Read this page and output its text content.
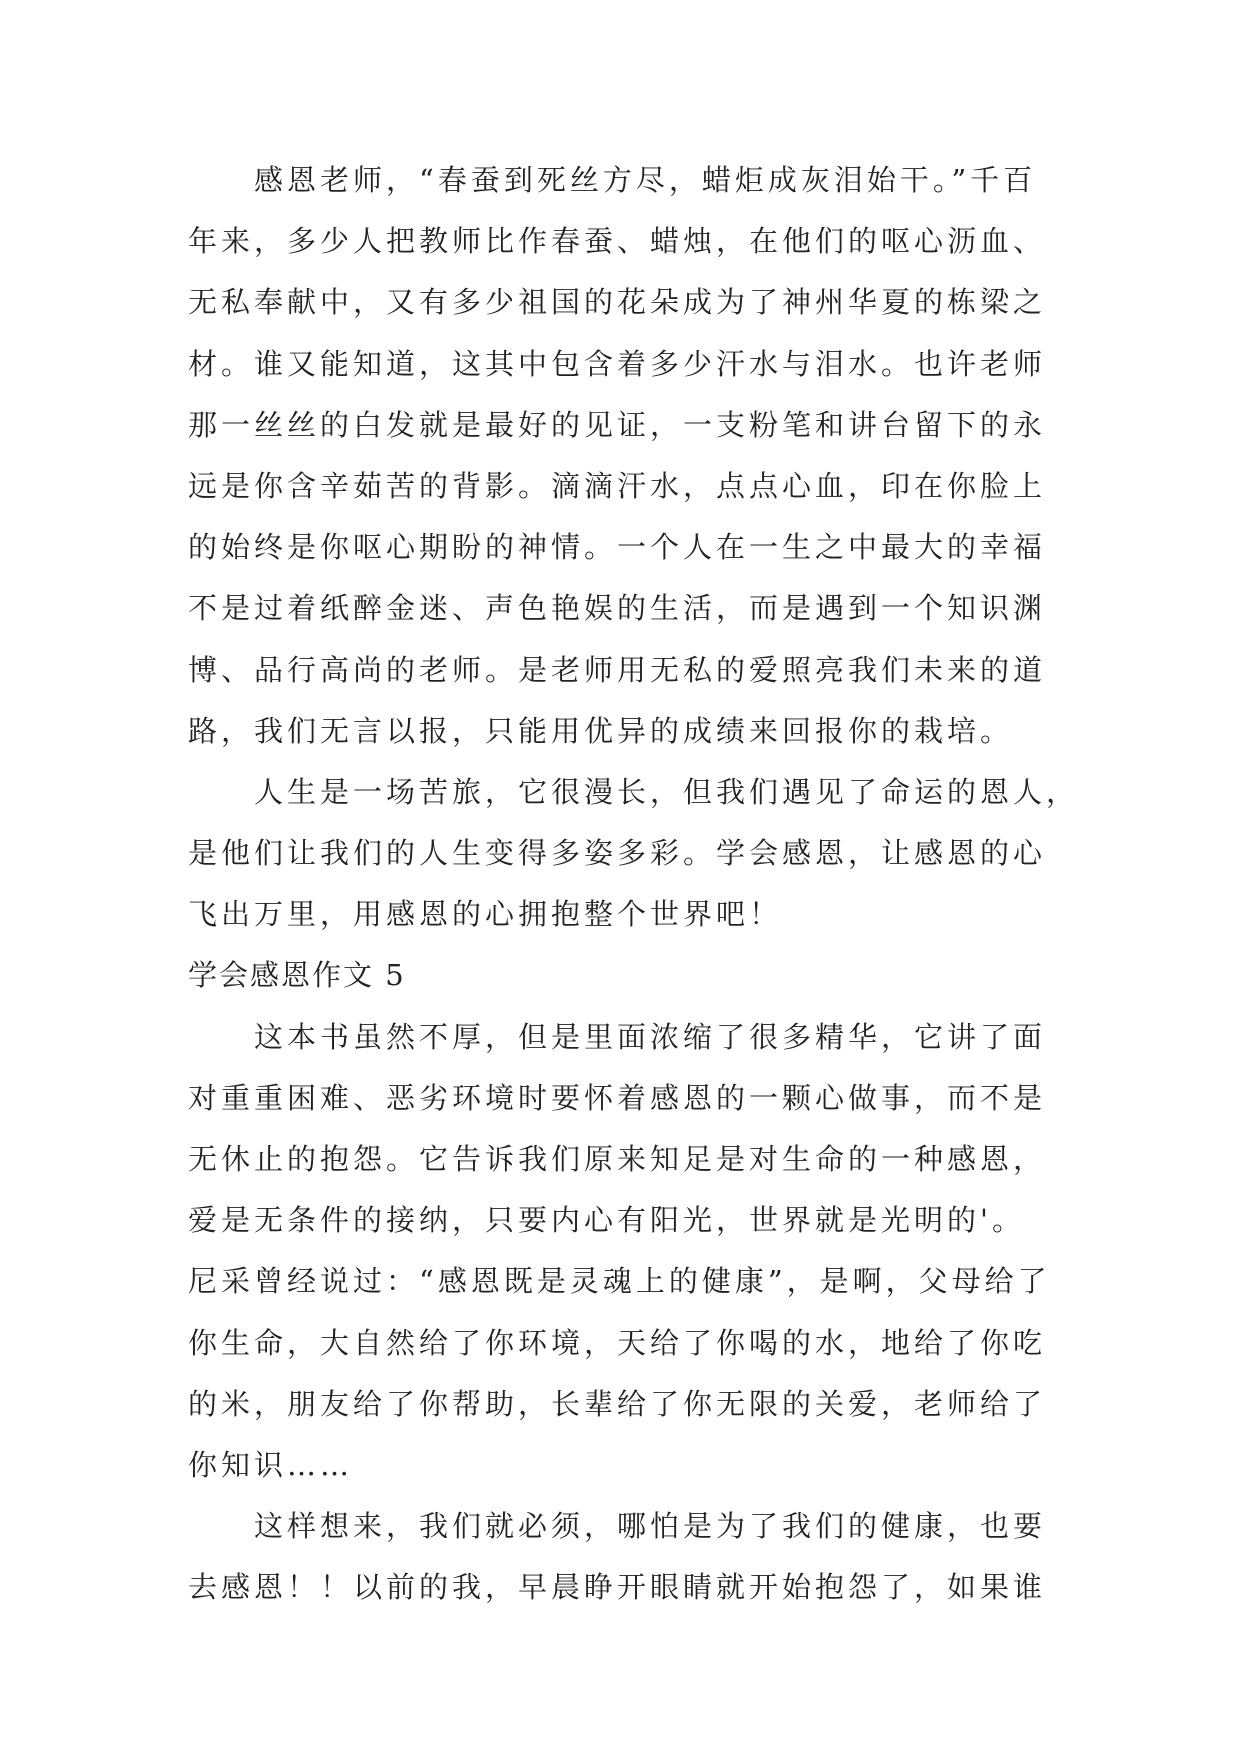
感恩老师，“春蚕到死丝方尽，蜡炬成灰泪始干。”千百
年来，多少人把教师比作春蚕、蜡烛，在他们的呕心沥血、
无私奉献中，又有多少祖国的花朵成为了神州华夏的栋梁之
材。谁又能知道，这其中包含着多少汗水与泪水。也许老师
那一丝丝的白发就是最好的见证，一支粉笔和讲台留下的永
远是你含辛茹苦的背影。滴滴汗水，点点心血，印在你脸上
的始终是你呕心期盼的神情。一个人在一生之中最大的幸福
不是过着纸醉金迷、声色艳娱的生活，而是遇到一个知识渊
博、品行高尚的老师。是老师用无私的爱照亮我们未来的道
路，我们无言以报，只能用优异的成绩来回报你的栽培。
人生是一场苦旅，它很漫长，但我们遇见了命运的恩人，
是他们让我们的人生变得多姿多彩。学会感恩，让感恩的心
飞出万里，用感恩的心拥抱整个世界吧！
学会感恩作文 5
这本书虽然不厚，但是里面浓缩了很多精华，它讲了面
对重重困难、恶劣环境时要怀着感恩的一颗心做事，而不是
无休止的抱怨。它告诉我们原来知足是对生命的一种感恩，
爱是无条件的接纳，只要内心有阳光，世界就是光明的'。
尼采曾经说过：“感恩既是灵魂上的健康”，是啊，父母给了
你生命，大自然给了你环境，天给了你喝的水，地给了你吃
的米，朋友给了你帮助，长辈给了你无限的关爱，老师给了
你知识……
这样想来，我们就必须，哪怕是为了我们的健康，也要
去感恩！！以前的我，早晨睁开眼睛就开始抱怨了，如果谁
